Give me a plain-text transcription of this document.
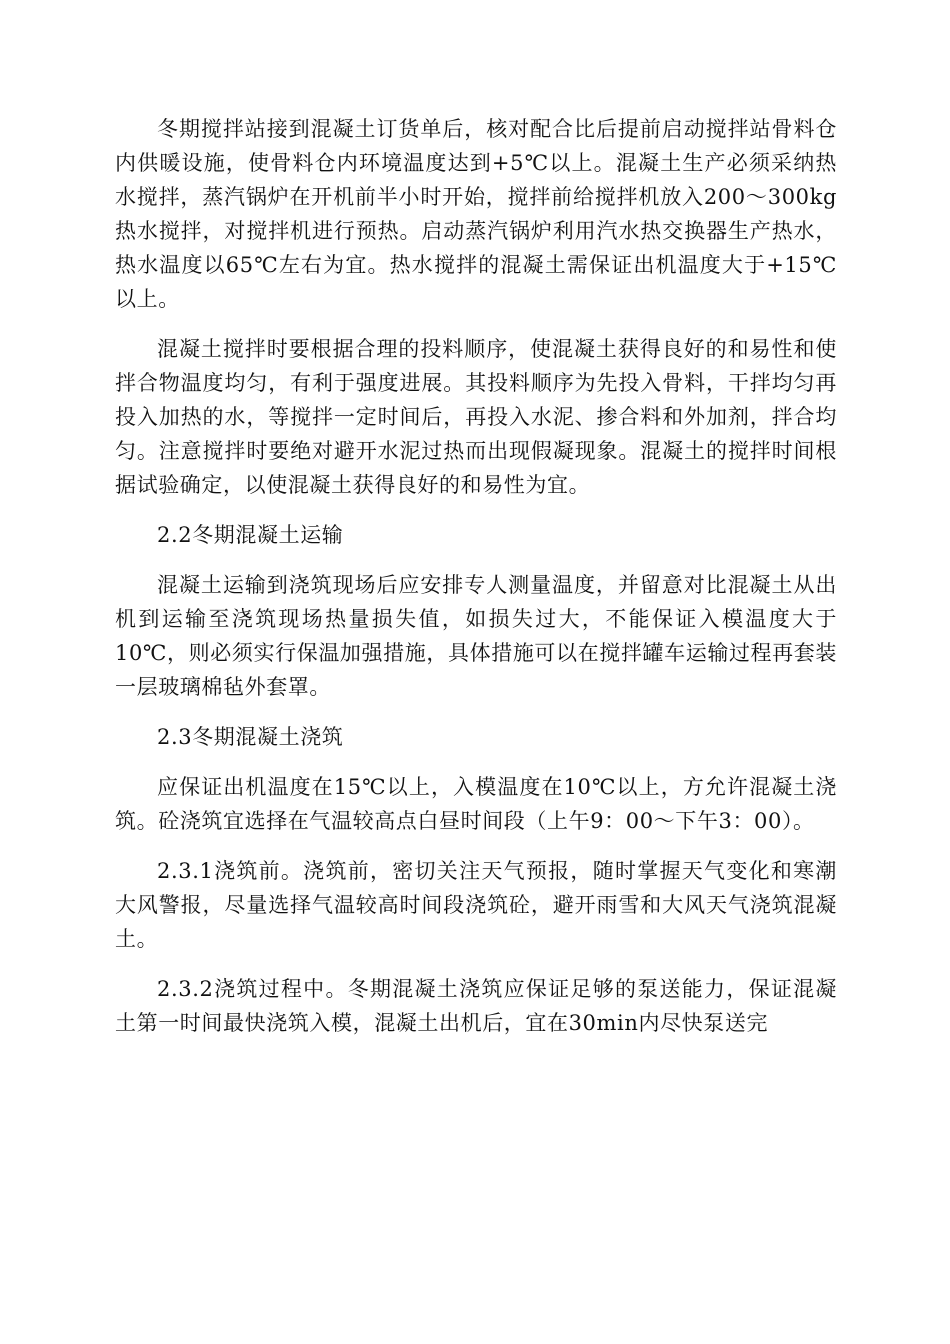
冬期搅拌站接到混凝土订货单后，核对配合比后提前启动搅拌站骨料仓内供暖设施，使骨料仓内环境温度达到+5℃以上。混凝土生产必须采纳热水搅拌，蒸汽锅炉在开机前半小时开始，搅拌前给搅拌机放入200～300kg热水搅拌，对搅拌机进行预热。启动蒸汽锅炉利用汽水热交换器生产热水，热水温度以65℃左右为宜。热水搅拌的混凝土需保证出机温度大于+15℃以上。

混凝土搅拌时要根据合理的投料顺序，使混凝土获得良好的和易性和使拌合物温度均匀，有利于强度进展。其投料顺序为先投入骨料，干拌均匀再投入加热的水，等搅拌一定时间后，再投入水泥、掺合料和外加剂，拌合均匀。注意搅拌时要绝对避开水泥过热而出现假凝现象。混凝土的搅拌时间根据试验确定，以使混凝土获得良好的和易性为宜。

2.2冬期混凝土运输

混凝土运输到浇筑现场后应安排专人测量温度，并留意对比混凝土从出机到运输至浇筑现场热量损失值，如损失过大，不能保证入模温度大于10℃，则必须实行保温加强措施，具体措施可以在搅拌罐车运输过程再套装一层玻璃棉毡外套罩。

2.3冬期混凝土浇筑

应保证出机温度在15℃以上，入模温度在10℃以上，方允许混凝土浇筑。砼浇筑宜选择在气温较高点白昼时间段（上午9：00～下午3：00）。

2.3.1浇筑前。浇筑前，密切关注天气预报，随时掌握天气变化和寒潮大风警报，尽量选择气温较高时间段浇筑砼，避开雨雪和大风天气浇筑混凝土。

2.3.2浇筑过程中。冬期混凝土浇筑应保证足够的泵送能力，保证混凝土第一时间最快浇筑入模，混凝土出机后，宜在30min内尽快泵送完
